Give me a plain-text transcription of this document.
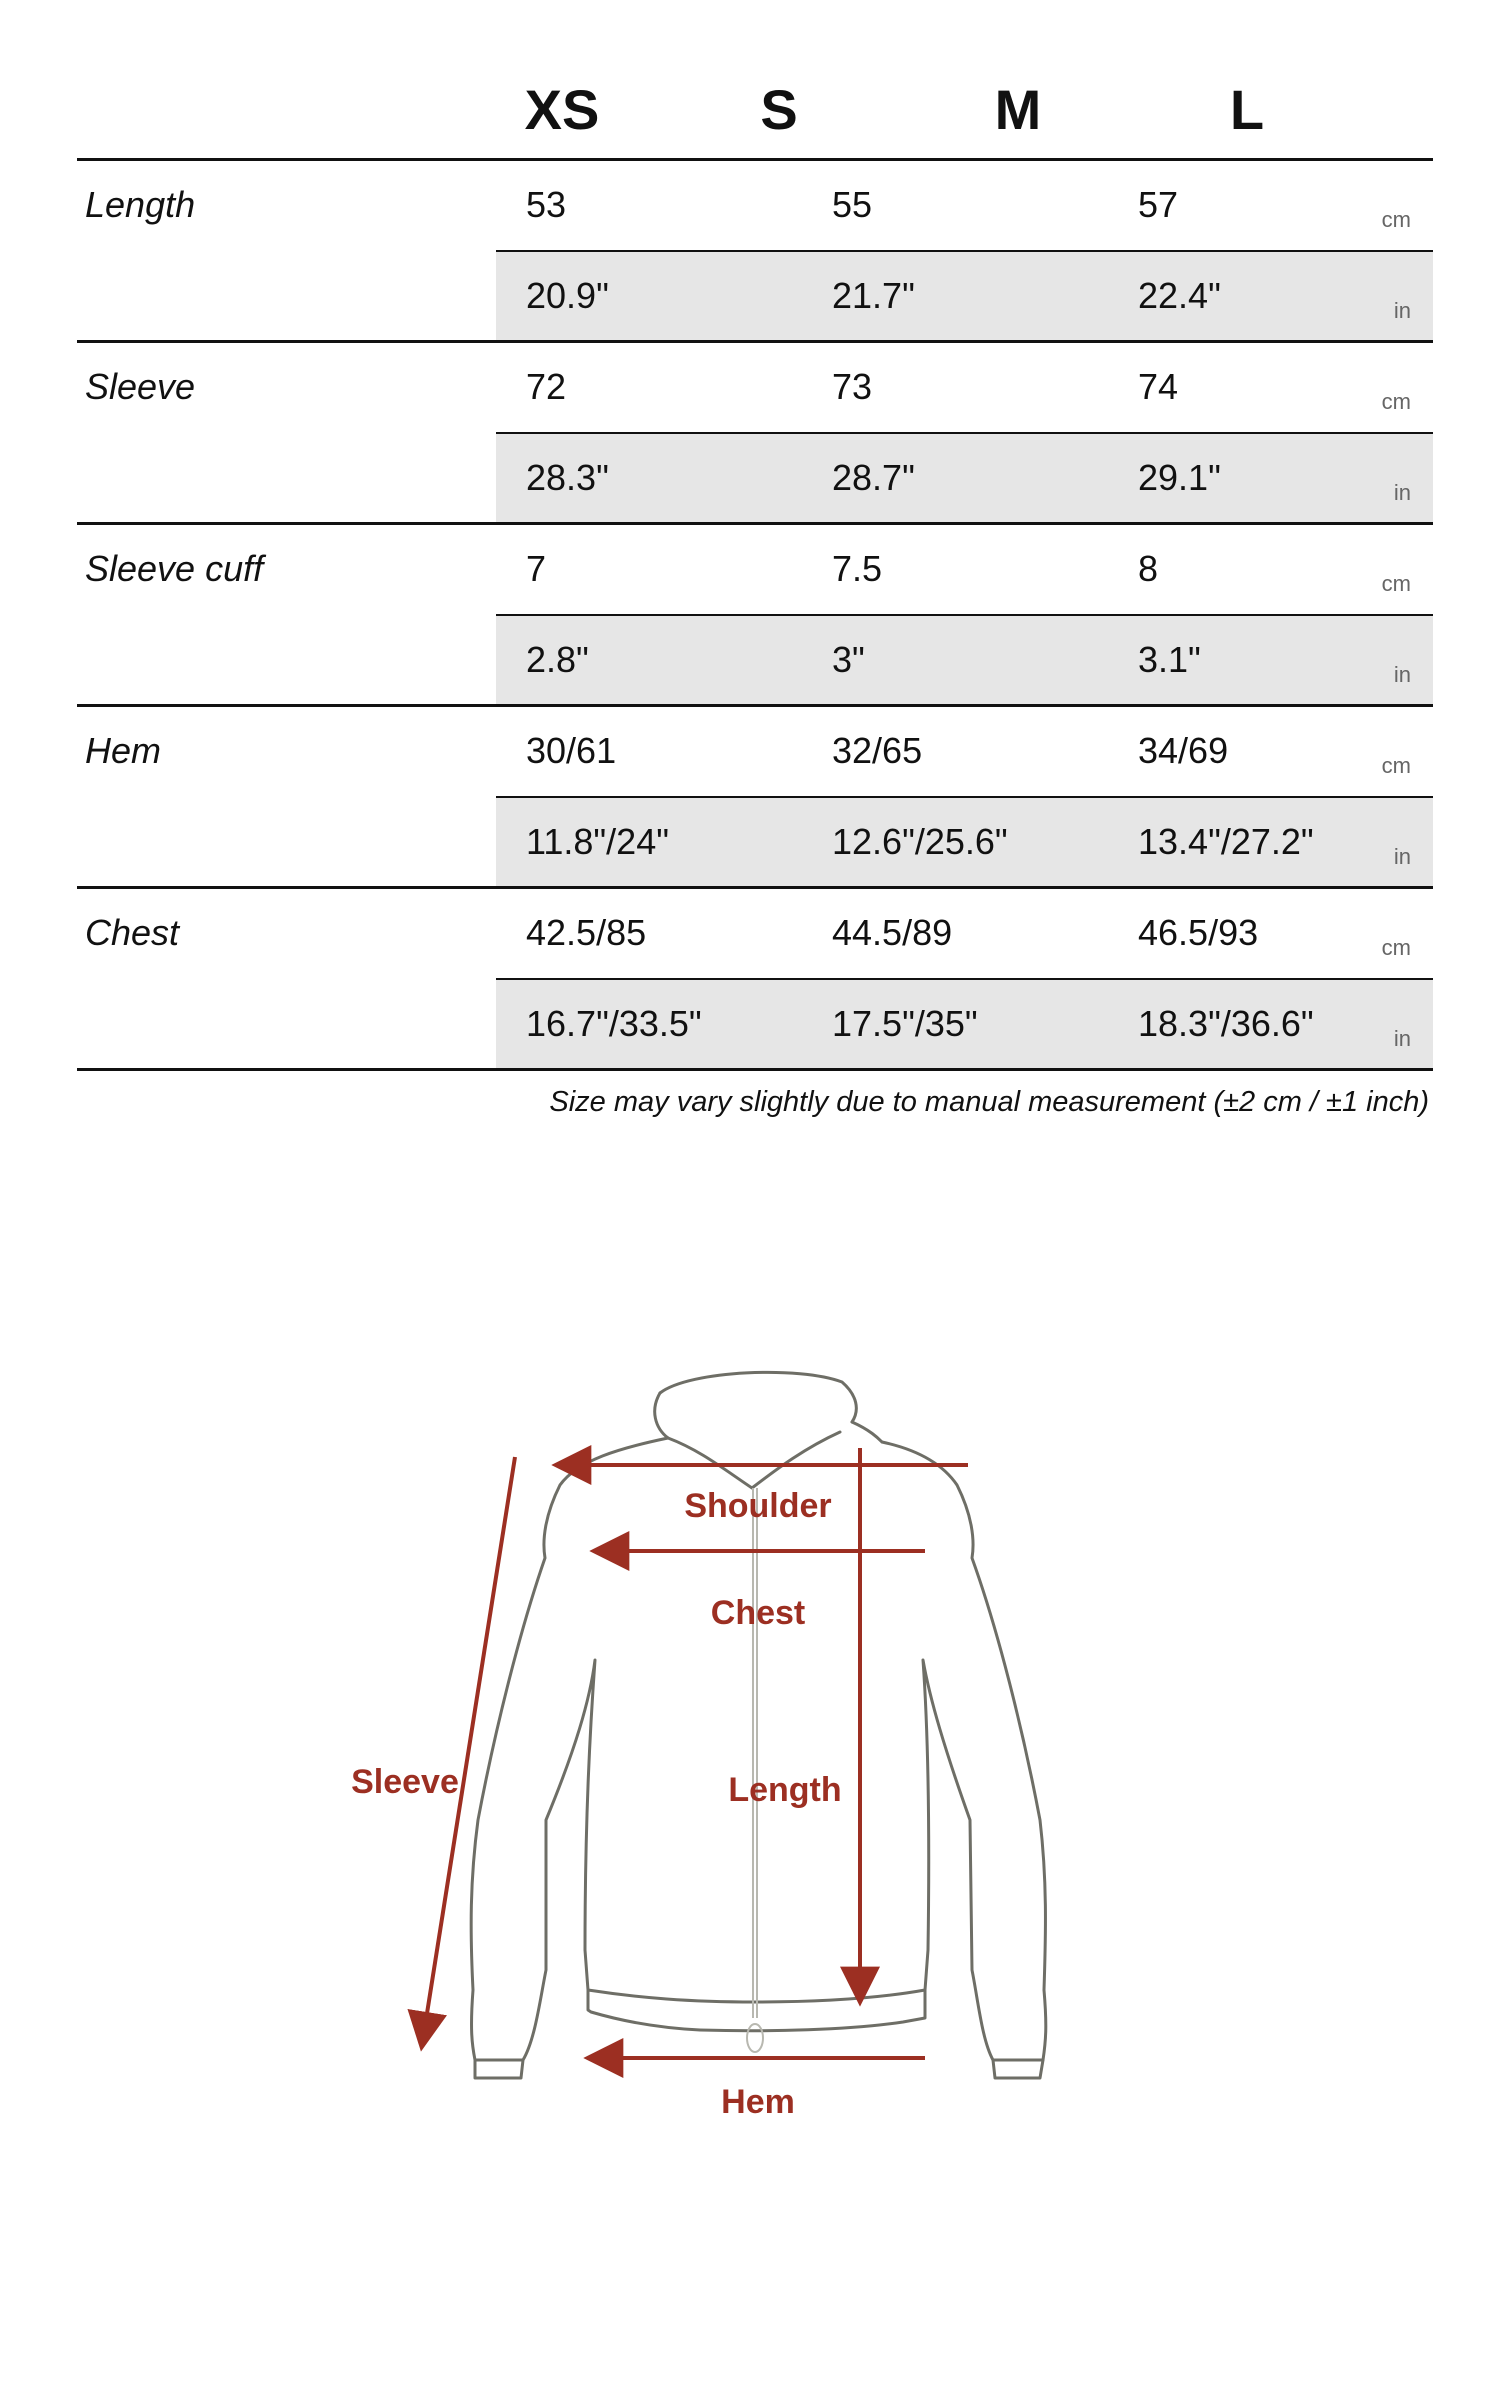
XS	S	M	L
Length	53	55	57	cm
20.9"	21.7"	22.4"	in
Sleeve	72	73	74	cm
28.3"	28.7"	29.1"	in
Sleeve cuff	7	7.5	8	cm
2.8"	3"	3.1"	in
Hem	30/61	32/65	34/69	cm
11.8"/24"	12.6"/25.6"	13.4"/27.2"	in
Chest	42.5/85	44.5/89	46.5/93	cm
16.7"/33.5"	17.5"/35"	18.3"/36.6"	in
Size may vary slightly due to manual measurement (±2 cm / ±1 inch)
Shoulder
Chest
Length
Sleeve
Hem
